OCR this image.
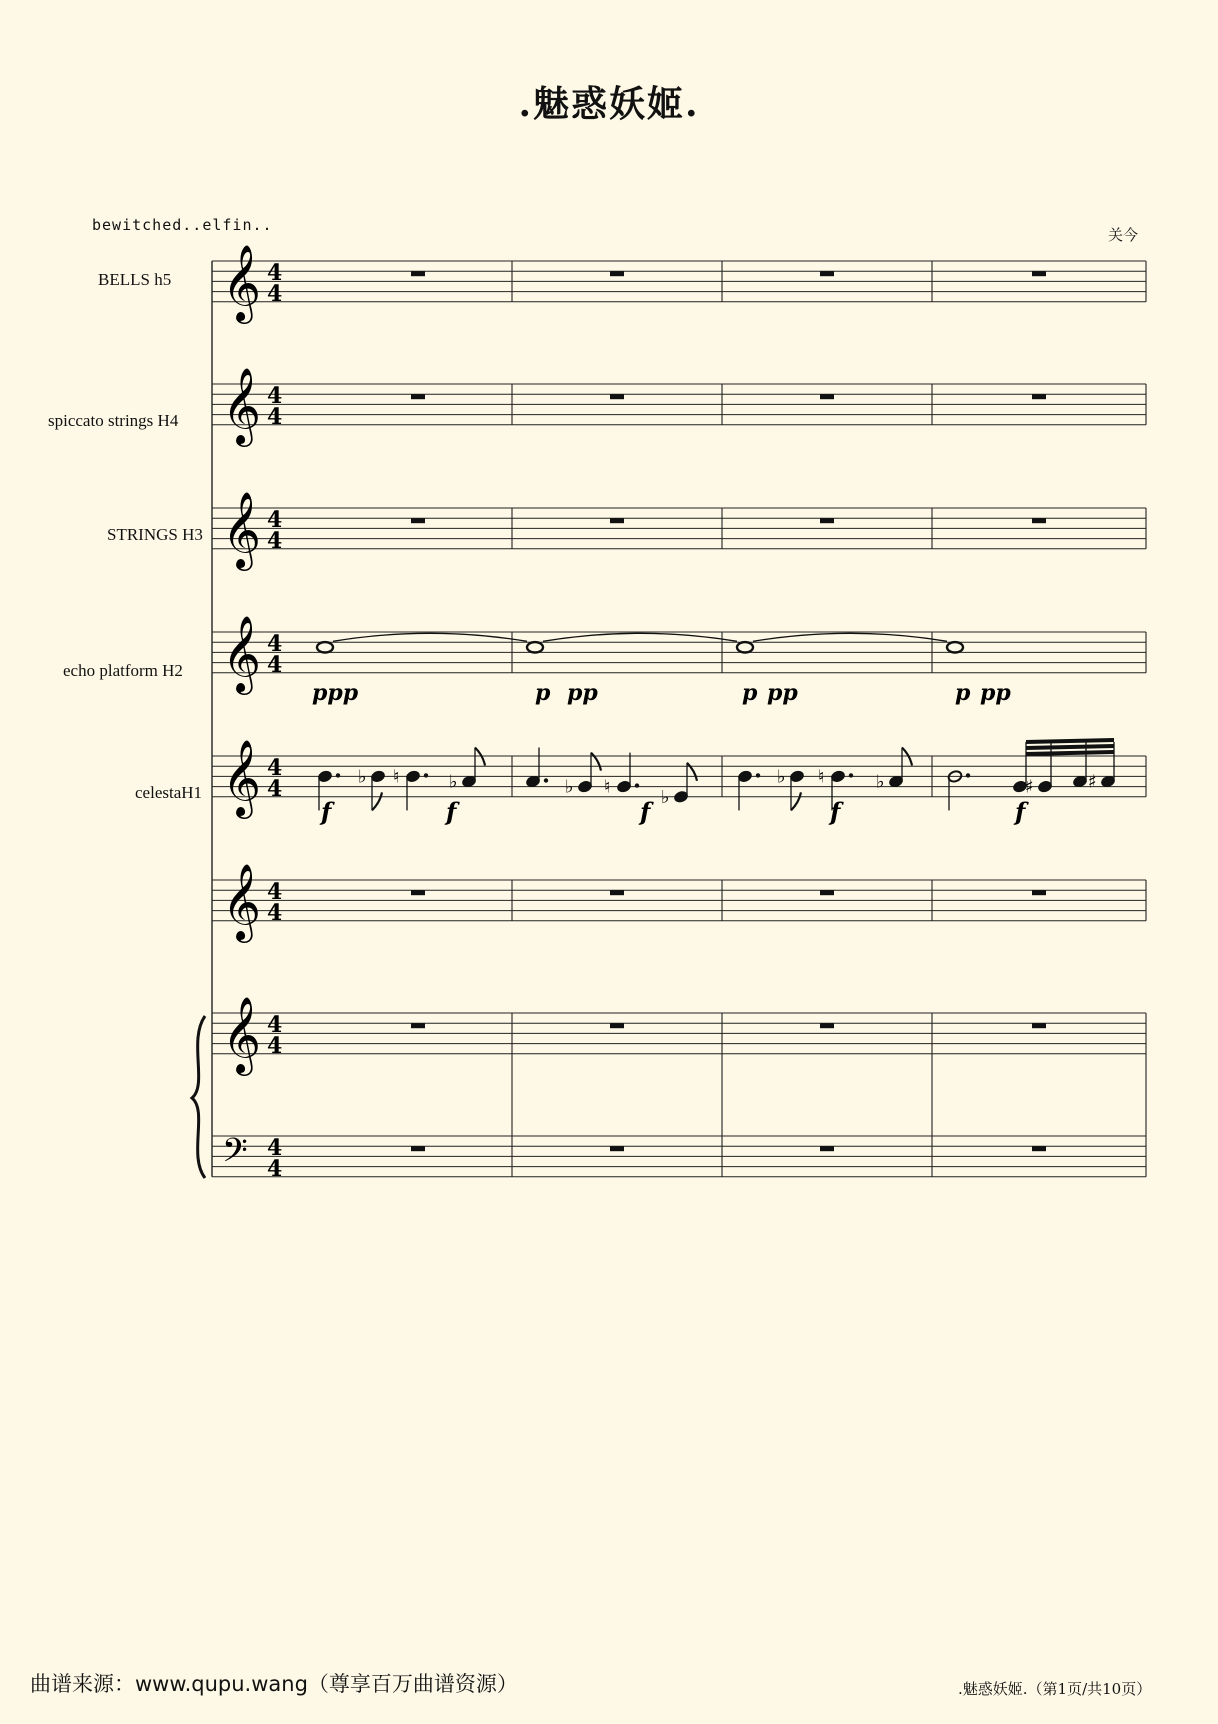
.魅惑妖姬.
bewitched..elfin..
关今
BELLS h5
spiccato strings H4
STRINGS H3
echo platform H2
celestaH1
𝄞 4
4
𝄞 4
4
𝄞 4
4
𝄞 4
4
𝄞 4
4
𝄞 4
4
𝄞 4
4
𝄢 4
4
♭ ♮	♭	♭ ♮	♭
♭ ♮	♭	♯	♯
ppp	p pp	p pp	p pp
f	f	f	f	f
曲谱来源：www.qupu.wang（尊享百万曲谱资源）	.魅惑妖姬.（第1页/共10页）
